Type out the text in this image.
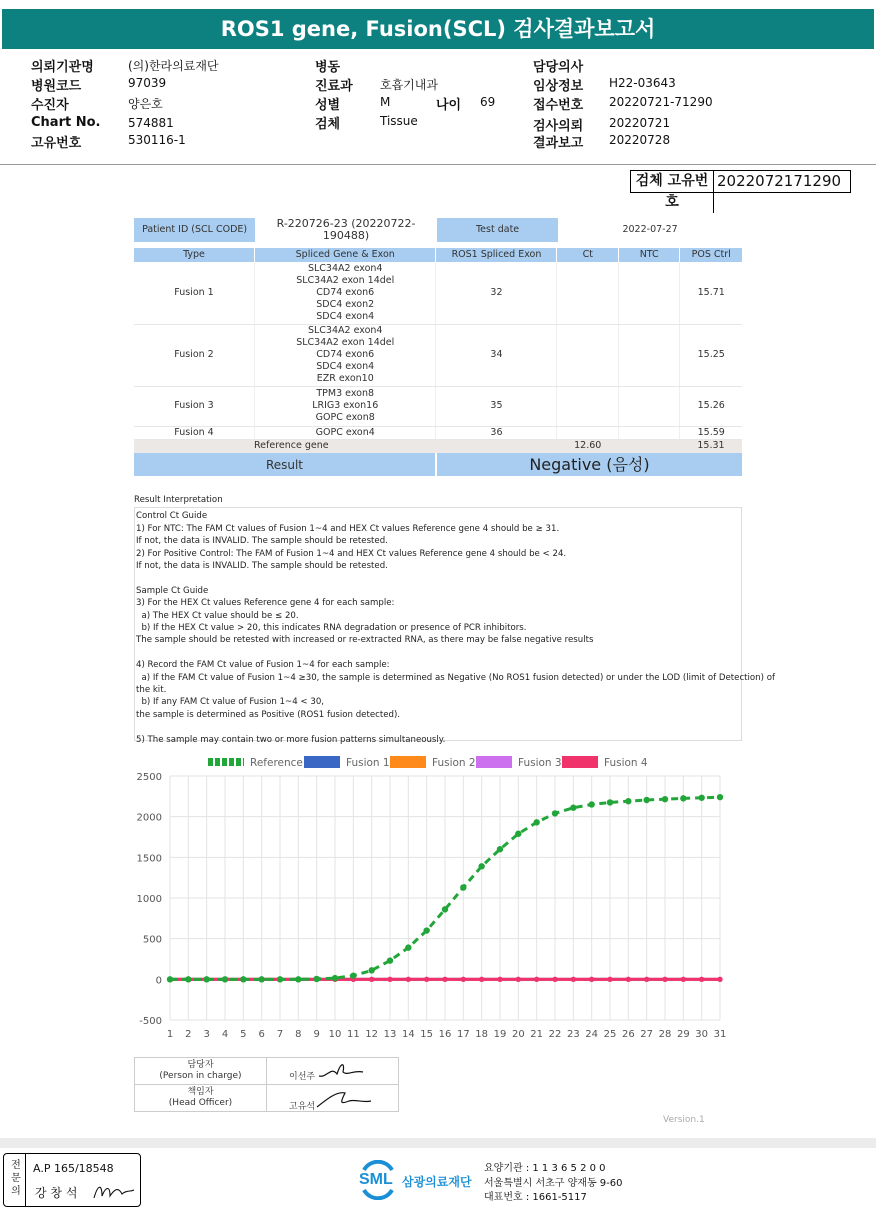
ROS1 gene, Fusion(SCL) 검사결과보고서
의뢰기관명	(의)한라의료재단
병원코드	97039
수진자	양은호
Chart No. 574881
고유번호	530116-1
병동
진료과 호흡기내과
성별	M	나이 69
검체	Tissue
담당의사
임상정보 H22-03643
접수번호 20220721-71290
검사의뢰 20220721
결과보고 20220728
검체 고유번호
2022072171290
Patient ID (SCL CODE)	R-220726-23 (20220722-190488)	Test date	2022-07-27
Type	Spliced Gene & Exon	ROS1 Spliced Exon	Ct	NTC	POS Ctrl
Fusion 1	SLC34A2 exon4
SLC34A2 exon 14del
CD74 exon6
SDC4 exon2
SDC4 exon4	32			15.71
Fusion 2	SLC34A2 exon4
SLC34A2 exon 14del
CD74 exon6
SDC4 exon4
EZR exon10	34			15.25
Fusion 3	TPM3 exon8
LRIG3 exon16
GOPC exon8	35			15.26
Fusion 4	GOPC exon4	36			15.59
Reference gene			12.60		15.31
Result		Negative (음성)			
Result Interpretation
Control Ct Guide
1) For NTC: The FAM Ct values of Fusion 1~4 and HEX Ct values Reference gene 4 should be ≥ 31.
If not, the data is INVALID. The sample should be retested.
2) For Positive Control: The FAM of Fusion 1~4 and HEX Ct values Reference gene 4 should be < 24.
If not, the data is INVALID. The sample should be retested.
Sample Ct Guide
3) For the HEX Ct values Reference gene 4 for each sample:
a) The HEX Ct value should be ≤ 20.
b) If the HEX Ct value > 20, this indicates RNA degradation or presence of PCR inhibitors.
The sample should be retested with increased or re-extracted RNA, as there may be false negative results
4) Record the FAM Ct value of Fusion 1~4 for each sample:
a) If the FAM Ct value of Fusion 1~4 ≥30, the sample is determined as Negative (No ROS1 fusion detected) or under the LOD (limit of Detection) of
the kit.
b) If any FAM Ct value of Fusion 1~4 < 30,
the sample is determined as Positive (ROS1 fusion detected).
5) The sample may contain two or more fusion patterns simultaneously.
2500
2000
1500
1000
500
0
-500
1 2 3 4 5 6 7 8 9 10 11 12 13 14 15 16 17 18 19 20 21 22 23 24 25 26 27 28 29 30 31
Reference	Fusion 1	Fusion 2	Fusion 3	Fusion 4
담당자
(Person in charge)	이선주

책임자
(Head Officer)	고유석
Version.1
전
문
의
A.P 165/18548
강 창 석
SML 삼광의료재단
요양기관 : 1 1 3 6 5 2 0 0
서울특별시 서초구 양재동 9-60
대표번호 : 1661-5117
